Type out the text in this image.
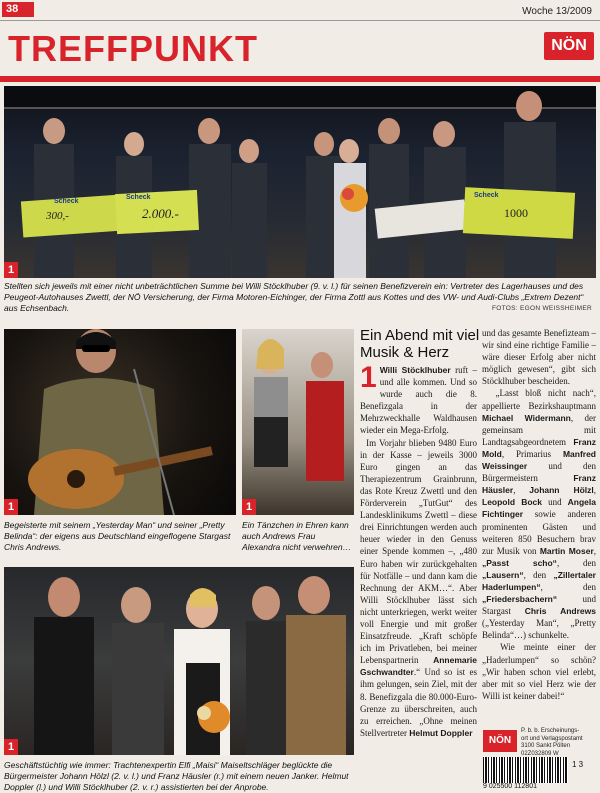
38	Woche 13/2009
TREFFPUNKT	NÖN
Scheck
300,-
Scheck
2.000.-
Scheck
1000
1
Stellten sich jeweils mit einer nicht unbeträchtlichen Summe bei Willi Stöcklhuber (9. v. l.) für seinen Benefizverein ein: Vertreter des Lagerhauses und des Peugeot-Autohauses Zwettl, der NÖ Versicherung, der Firma Motoren-Eichinger, der Firma Zottl aus Kottes und des VW- und Audi-Clubs „Extrem Dezent“ aus Echsenbach.	FOTOS: EGON WEISSHEIMER
1
Begeisterte mit seinem „Yesterday Man“ und seiner „Pretty Belinda“: der eigens aus Deutschland eingeflogene Stargast Chris Andrews.
1
Ein Tänzchen in Ehren kann auch Andrews Frau Alexandra nicht verwehren…
1
Geschäftstüchtig wie immer: Trachtenexpertin Elfi „Maisi“ Maiseltschläger beglückte die Bürgermeister Johann Hölzl (2. v. l.) und Franz Häusler (r.) mit einem neuen Janker. Helmut Doppler (l.) und Willi Stöcklhuber (2. v. r.) assistierten bei der Anprobe.
Ein Abend mit viel Musik & Herz
1 Willi Stöcklhuber ruft – und alle kommen. Und so wurde auch die 8. Benefizgala in der Mehrzweckhalle Waldhausen wieder ein Mega-Erfolg.
Im Vorjahr blieben 9480 Euro in der Kasse – jeweils 3000 Euro gingen an das Therapiezentrum Grainbrunn, das Rote Kreuz Zwettl und den Förderverein „TutGut“ des Landesklinikums Zwettl – diese drei Einrichtungen werden auch heuer wieder in den Genuss einer Spende kommen –, „480 Euro haben wir zurückgehalten für Notfälle – und dann kam die Rechnung der AKM…“. Aber Willi Stöcklhuber lässt sich nicht unterkriegen, werkt weiter voll Energie und mit großer Einsatzfreude. „Kraft schöpfe ich im Privatleben, bei meiner Lebenspartnerin Annemarie Gschwandter.“ Und so ist es ihm gelungen, sein Ziel, mit der 8. Benefizgala die 80.000-Euro-Grenze zu überschreiten, auch zu erreichen. „Ohne meinen Stellvertreter Helmut Doppler
und das gesamte Benefizteam – wir sind eine richtige Familie – wäre dieser Erfolg aber nicht möglich gewesen“, gibt sich Stöcklhuber bescheiden.
„Lasst bloß nicht nach“, appellierte Bezirkshauptmann Michael Widermann, der gemeinsam mit Landtagsabgeordnetem Franz Mold, Primarius Manfred Weissinger und den Bürgermeistern Franz Häusler, Johann Hölzl, Leopold Bock und Angela Fichtinger sowie anderen prominenten Gästen und weiteren 850 Besuchern brav zur Musik von Martin Moser, „Passt scho“, den „Lausern“, den „Zillertaler Haderlumpen“, den „Friedersbachern“ und Stargast Chris Andrews („Yesterday Man“, „Pretty Belinda“…) schunkelte.
Wie meinte einer der „Haderlumpen“ so schön? „Wir haben schon viel erlebt, aber mit so viel Herz wie der Willi ist keiner dabei!“
NÖN
P. b. b. Erscheinungs-
ort und Verlagspostamt
3100 Sankt Pölten
02Z032809 W
9 025500 112801
1 3
